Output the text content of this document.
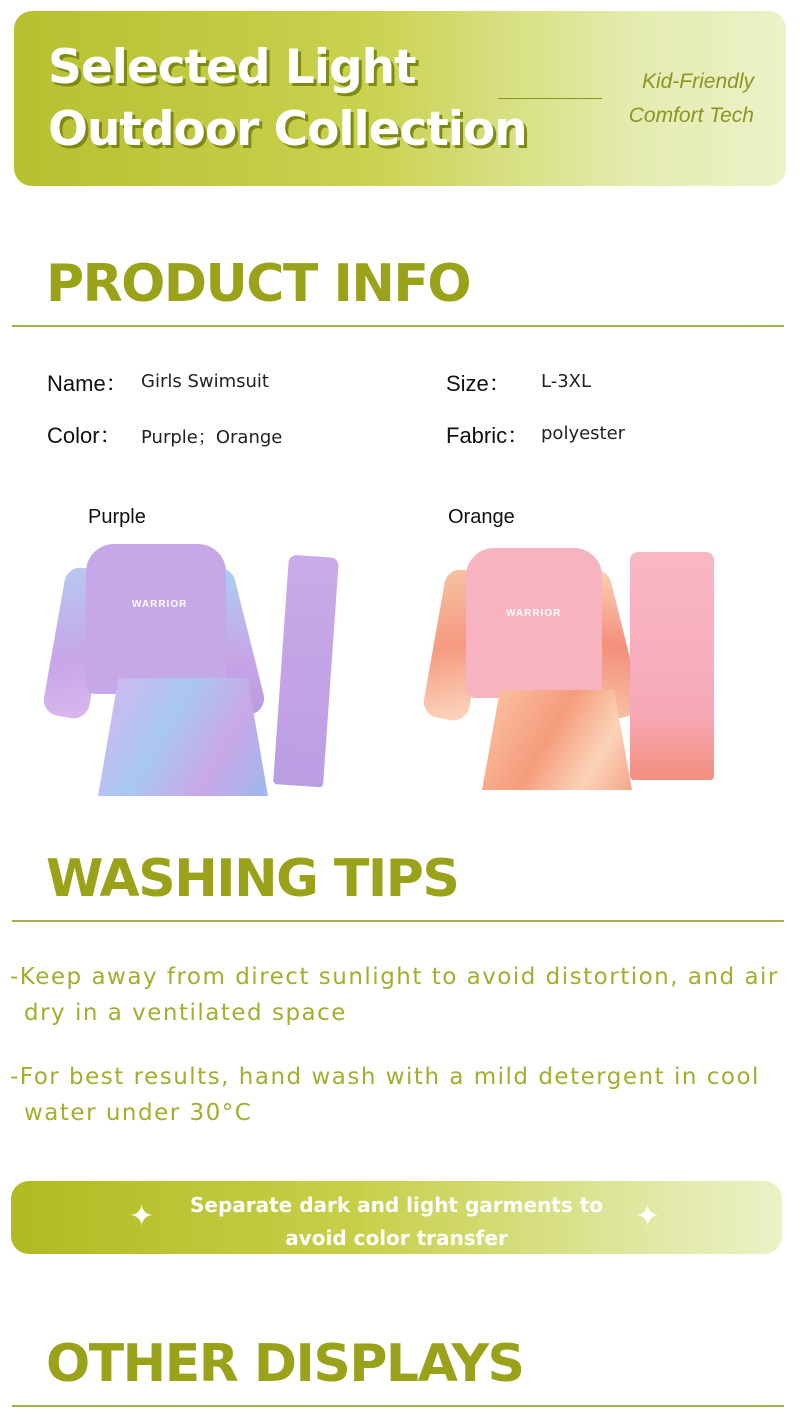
Selected Light
Outdoor Collection
Kid-Friendly
Comfort Tech
PRODUCT INFO
Name： Girls Swimsuit	Size： L-3XL
Color： Purple；Orange	Fabric： polyester
Purple	Orange
WARRIOR
WARRIOR
WASHING TIPS
-Keep away from direct sunlight to avoid distortion, and air dry in a ventilated space
-For best results, hand wash with a mild detergent in cool water under 30°C
✦	Separate dark and light garments to
avoid color transfer
✦
OTHER DISPLAYS
